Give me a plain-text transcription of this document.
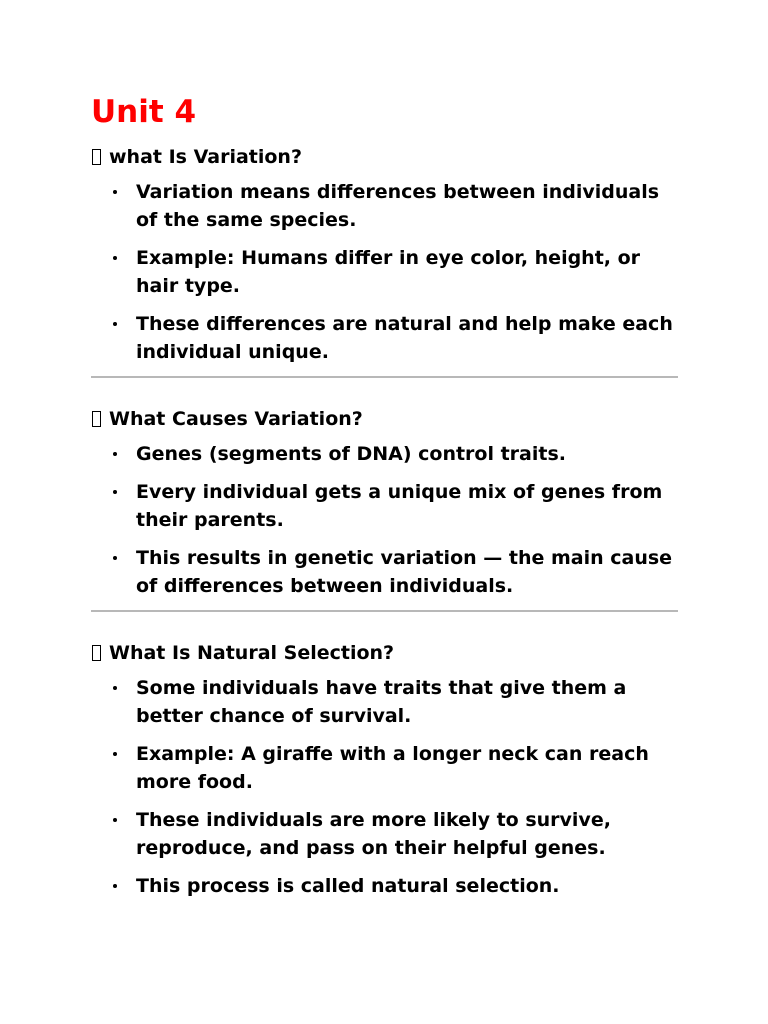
Unit 4
what Is Variation?
Variation means differences between individuals of the same species.
Example: Humans differ in eye color, height, or hair type.
These differences are natural and help make each individual unique.
What Causes Variation?
Genes (segments of DNA) control traits.
Every individual gets a unique mix of genes from their parents.
This results in genetic variation — the main cause of differences between individuals.
What Is Natural Selection?
Some individuals have traits that give them a better chance of survival.
Example: A giraffe with a longer neck can reach more food.
These individuals are more likely to survive, reproduce, and pass on their helpful genes.
This process is called natural selection.
